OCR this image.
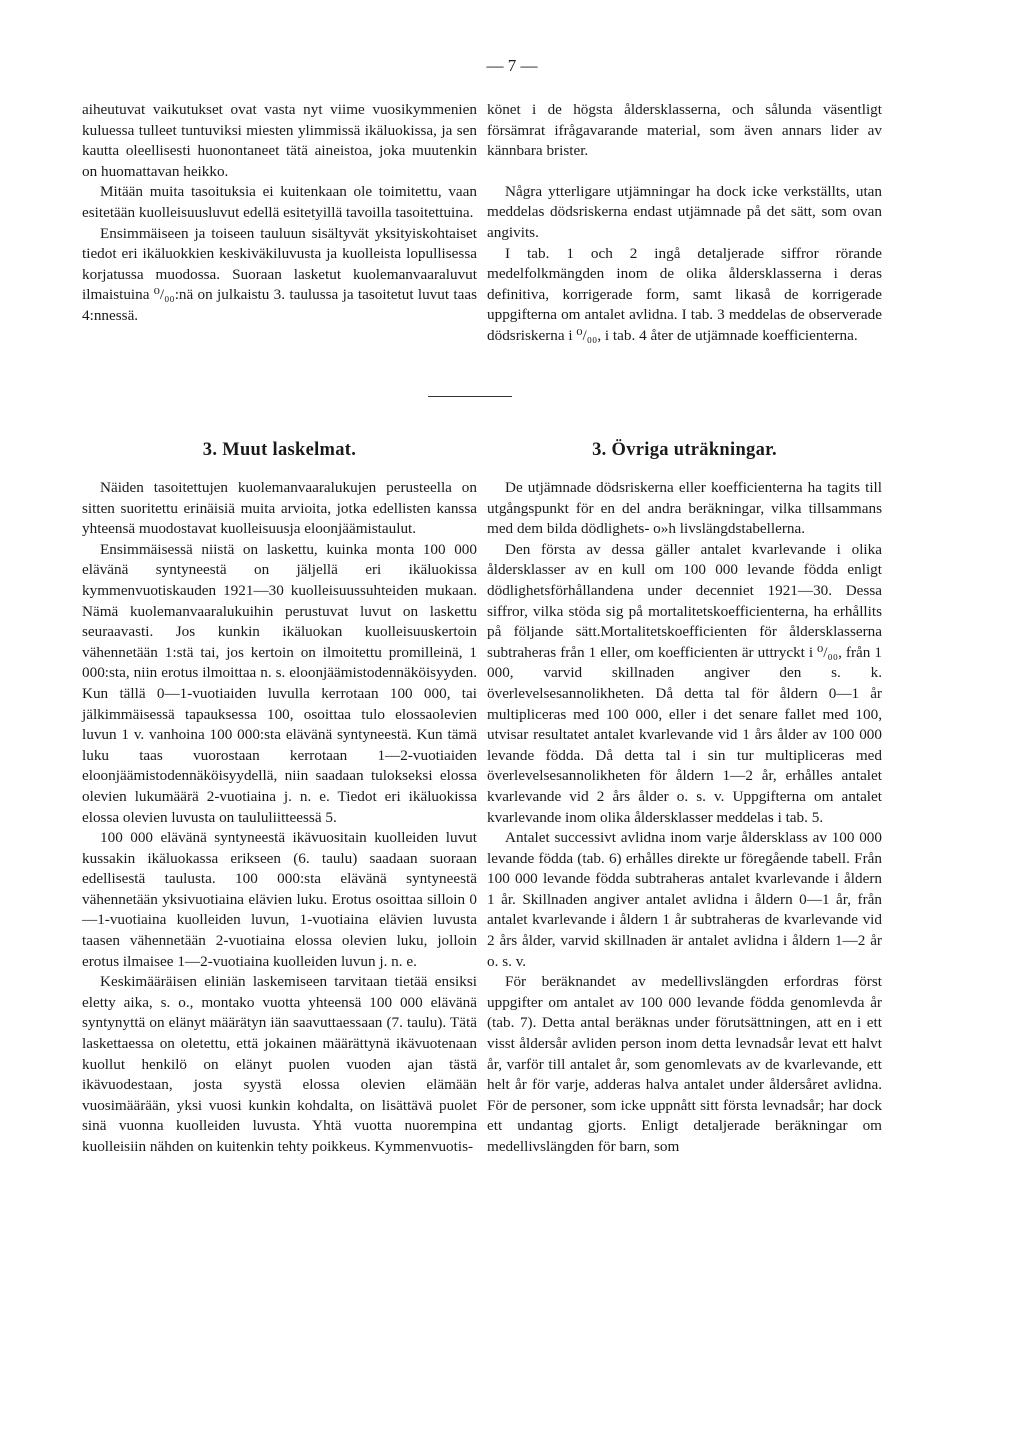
— 7 —

aiheutuvat vaikutukset ovat vasta nyt viime vuosikymmenien kuluessa tulleet tuntuviksi miesten ylimmissä ikäluokissa, ja sen kautta oleellisesti huonontaneet tätä aineistoa, joka muutenkin on huomattavan heikko.

Mitään muita tasoituksia ei kuitenkaan ole toimitettu, vaan esitetään kuolleisuusluvut edellä esitetyillä tavoilla tasoitettuina.

Ensimmäiseen ja toiseen tauluun sisältyvät yksityiskohtaiset tiedot eri ikäluokkien keskiväkiluvusta ja kuolleista lopullisessa korjatussa muodossa. Suoraan lasketut kuolemanvaaraluvut ilmaistuina ⁰/₀₀:nä on julkaistu 3. taulussa ja tasoitetut luvut taas 4:nnessä.

könet i de högsta åldersklasserna, och sålunda väsentligt försämrat ifrågavarande material, som även annars lider av kännbara brister.

Några ytterligare utjämningar ha dock icke verkställts, utan meddelas dödsriskerna endast utjämnade på det sätt, som ovan angivits.

I tab. 1 och 2 ingå detaljerade siffror rörande medelfolkmängden inom de olika åldersklasserna i deras definitiva, korrigerade form, samt likaså de korrigerade uppgifterna om antalet avlidna. I tab. 3 meddelas de observerade dödsriskerna i ⁰/₀₀, i tab. 4 åter de utjämnade koefficienterna.

3. Muut laskelmat.	3. Övriga uträkningar.

Näiden tasoitettujen kuolemanvaaralukujen perusteella on sitten suoritettu erinäisiä muita arvioita, jotka edellisten kanssa yhteensä muodostavat kuolleisuusja eloonjäämistaulut.

Ensimmäisessä niistä on laskettu, kuinka monta 100 000 elävänä syntyneestä on jäljellä eri ikäluokissa kymmenvuotiskauden 1921—30 kuolleisuussuhteiden mukaan. Nämä kuolemanvaaralukuihin perustuvat luvut on laskettu seuraavasti. Jos kunkin ikäluokan kuolleisuuskertoin vähennetään 1:stä tai, jos kertoin on ilmoitettu promilleinä, 1 000:sta, niin erotus ilmoittaa n. s. eloonjäämistodennäköisyyden. Kun tällä 0—1-vuotiaiden luvulla kerrotaan 100 000, tai jälkimmäisessä tapauksessa 100, osoittaa tulo elossaolevien luvun 1 v. vanhoina 100 000:sta elävänä syntyneestä. Kun tämä luku taas vuorostaan kerrotaan 1—2-vuotiaiden eloonjäämistodennäköisyydellä, niin saadaan tulokseksi elossa olevien lukumäärä 2-vuotiaina j. n. e. Tiedot eri ikäluokissa elossa olevien luvusta on taululiitteessä 5.

100 000 elävänä syntyneestä ikävuositain kuolleiden luvut kussakin ikäluokassa erikseen (6. taulu) saadaan suoraan edellisestä taulusta. 100 000:sta elävänä syntyneestä vähennetään yksivuotiaina elävien luku. Erotus osoittaa silloin 0—1-vuotiaina kuolleiden luvun, 1-vuotiaina elävien luvusta taasen vähennetään 2-vuotiaina elossa olevien luku, jolloin erotus ilmaisee 1—2-vuotiaina kuolleiden luvun j. n. e.

Keskimääräisen eliniän laskemiseen tarvitaan tietää ensiksi eletty aika, s. o., montako vuotta yhteensä 100 000 elävänä syntynyttä on elänyt määrätyn iän saavuttaessaan (7. taulu). Tätä laskettaessa on oletettu, että jokainen määrättynä ikävuotenaan kuollut henkilö on elänyt puolen vuoden ajan tästä ikävuodestaan, josta syystä elossa olevien elämään vuosimäärään, yksi vuosi kunkin kohdalta, on lisättävä puolet sinä vuonna kuolleiden luvusta. Yhtä vuotta nuorempina kuolleisiin nähden on kuitenkin tehty poikkeus. Kymmenvuotis-

De utjämnade dödsriskerna eller koefficienterna ha tagits till utgångspunkt för en del andra beräkningar, vilka tillsammans med dem bilda dödlighets- o»h livslängdstabellerna.

Den första av dessa gäller antalet kvarlevande i olika åldersklasser av en kull om 100 000 levande födda enligt dödlighetsförhållandena under decenniet 1921—30. Dessa siffror, vilka stöda sig på mortalitetskoefficienterna, ha erhållits på följande sätt.Mortalitetskoefficienten för åldersklasserna subtraheras från 1 eller, om koefficienten är uttryckt i ⁰/₀₀, från 1 000, varvid skillnaden angiver den s. k. överlevelsesannolikheten. Då detta tal för åldern 0—1 år multipliceras med 100 000, eller i det senare fallet med 100, utvisar resultatet antalet kvarlevande vid 1 års ålder av 100 000 levande födda. Då detta tal i sin tur multipliceras med överlevelsesannolikheten för åldern 1—2 år, erhålles antalet kvarlevande vid 2 års ålder o. s. v. Uppgifterna om antalet kvarlevande inom olika åldersklasser meddelas i tab. 5.

Antalet successivt avlidna inom varje åldersklass av 100 000 levande födda (tab. 6) erhålles direkte ur föregående tabell. Från 100 000 levande födda subtraheras antalet kvarlevande i åldern 1 år. Skillnaden angiver antalet avlidna i åldern 0—1 år, från antalet kvarlevande i åldern 1 år subtraheras de kvarlevande vid 2 års ålder, varvid skillnaden är antalet avlidna i åldern 1—2 år o. s. v.

För beräknandet av medellivslängden erfordras först uppgifter om antalet av 100 000 levande födda genomlevda år (tab. 7). Detta antal beräknas under förutsättningen, att en i ett visst åldersår avliden person inom detta levnadsår levat ett halvt år, varför till antalet år, som genomlevats av de kvarlevande, ett helt år för varje, adderas halva antalet under åldersåret avlidna. För de personer, som icke uppnått sitt första levnadsår; har dock ett undantag gjorts. Enligt detaljerade beräkningar om medellivslängden för barn, som
